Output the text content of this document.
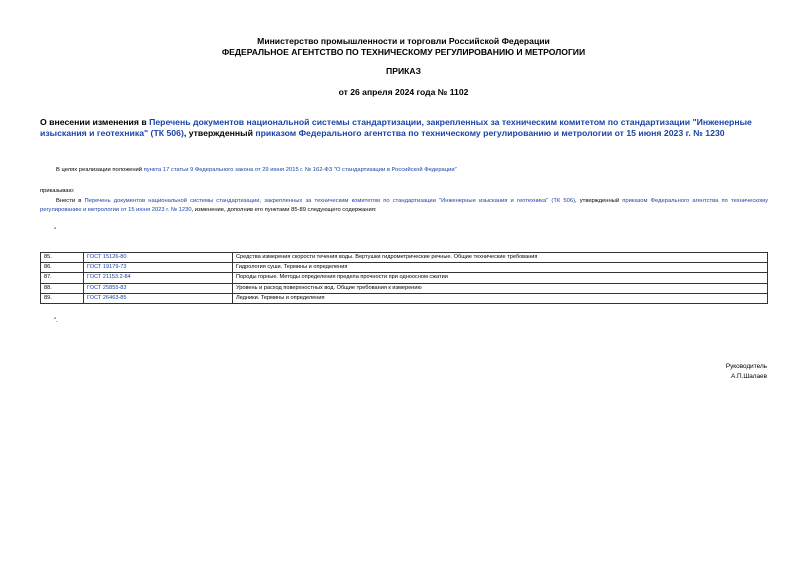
Министерство промышленности и торговли Российской Федерации
ФЕДЕРАЛЬНОЕ АГЕНТСТВО ПО ТЕХНИЧЕСКОМУ РЕГУЛИРОВАНИЮ И МЕТРОЛОГИИ
ПРИКАЗ
от 26 апреля 2024 года № 1102
О внесении изменения в Перечень документов национальной системы стандартизации, закрепленных за техническим комитетом по стандартизации "Инженерные изыскания и геотехника" (ТК 506), утвержденный приказом Федерального агентства по техническому регулированию и метрологии от 15 июня 2023 г. № 1230
В целях реализации положений пункта 17 статьи 9 Федерального закона от 29 июня 2015 г. № 162-ФЗ "О стандартизации в Российской Федерации"
приказываю:
Внести в Перечень документов национальной системы стандартизации, закрепленных за техническим комитетом по стандартизации "Инженерные изыскания и геотехника" (ТК 506), утвержденный приказом Федерального агентства по техническому регулированию и метрологии от 15 июня 2023 г. № 1230, изменение, дополнив его пунктами 85-89 следующего содержания:
"
85.	ГОСТ 15126-80	Средства измерения скорости течения воды. Вертушки гидрометрические речные. Общие технические требования
86.	ГОСТ 19179-73	Гидрология суши. Термины и определения
87.	ГОСТ 21153.2-84	Породы горные. Методы определения предела прочности при одноосном сжатии
88.	ГОСТ 25855-83	Уровень и расход поверхностных вод. Общие требования к измерению
89.	ГОСТ 26463-85	Ледники. Термины и определения
".
Руководитель
А.П.Шалаев
